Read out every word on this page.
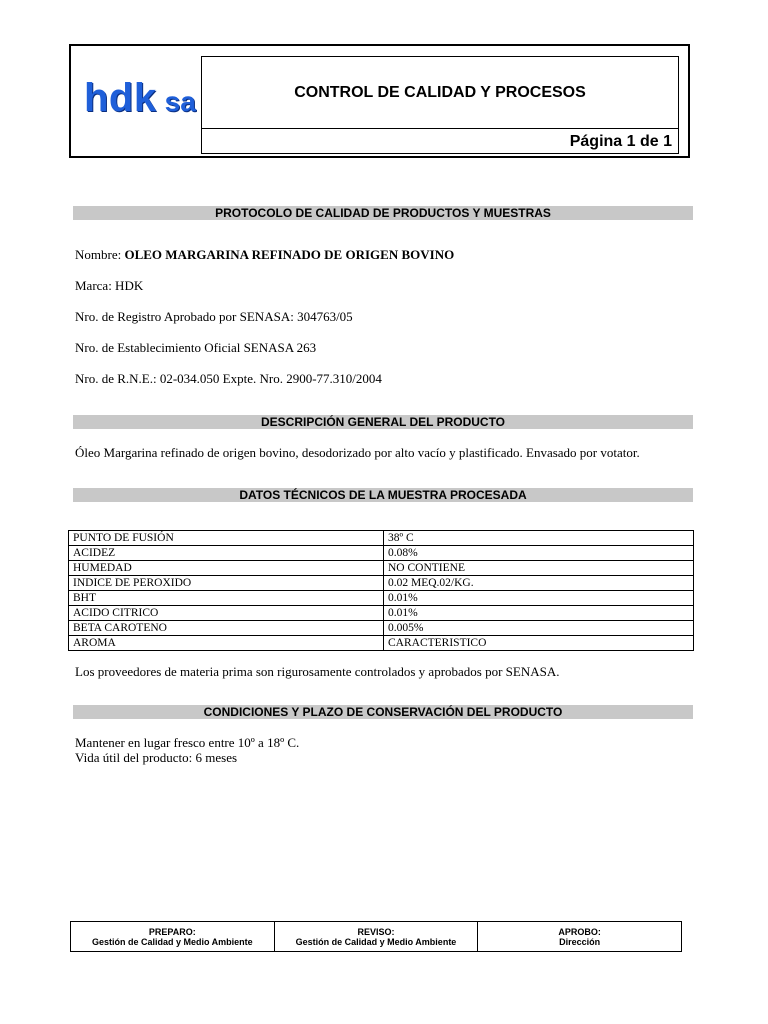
hdk sa	CONTROL DE CALIDAD Y PROCESOS
Página 1 de 1
PROTOCOLO DE CALIDAD DE PRODUCTOS Y MUESTRAS
Nombre: OLEO MARGARINA REFINADO DE ORIGEN BOVINO
Marca: HDK
Nro. de Registro Aprobado por SENASA: 304763/05
Nro. de Establecimiento Oficial SENASA 263
Nro. de R.N.E.: 02-034.050 Expte. Nro. 2900-77.310/2004
DESCRIPCIÓN GENERAL DEL PRODUCTO
Óleo Margarina refinado de origen bovino, desodorizado por alto vacío y plastificado. Envasado por votator.
DATOS TÉCNICOS DE LA MUESTRA PROCESADA
PUNTO DE FUSIÓN	38º C
ACIDEZ	0.08%
HUMEDAD	NO CONTIENE
INDICE DE PEROXIDO	0.02 MEQ.02/KG.
BHT	0.01%
ACIDO CITRICO	0.01%
BETA CAROTENO	0.005%
AROMA	CARACTERISTICO
Los proveedores de materia prima son rigurosamente controlados y aprobados por SENASA.
CONDICIONES Y PLAZO DE CONSERVACIÓN DEL PRODUCTO
Mantener en lugar fresco entre 10º a 18º C.
Vida útil del producto: 6 meses
PREPARO:
Gestión de Calidad y Medio Ambiente

REVISO:
Gestión de Calidad y Medio Ambiente

APROBO:
Dirección
